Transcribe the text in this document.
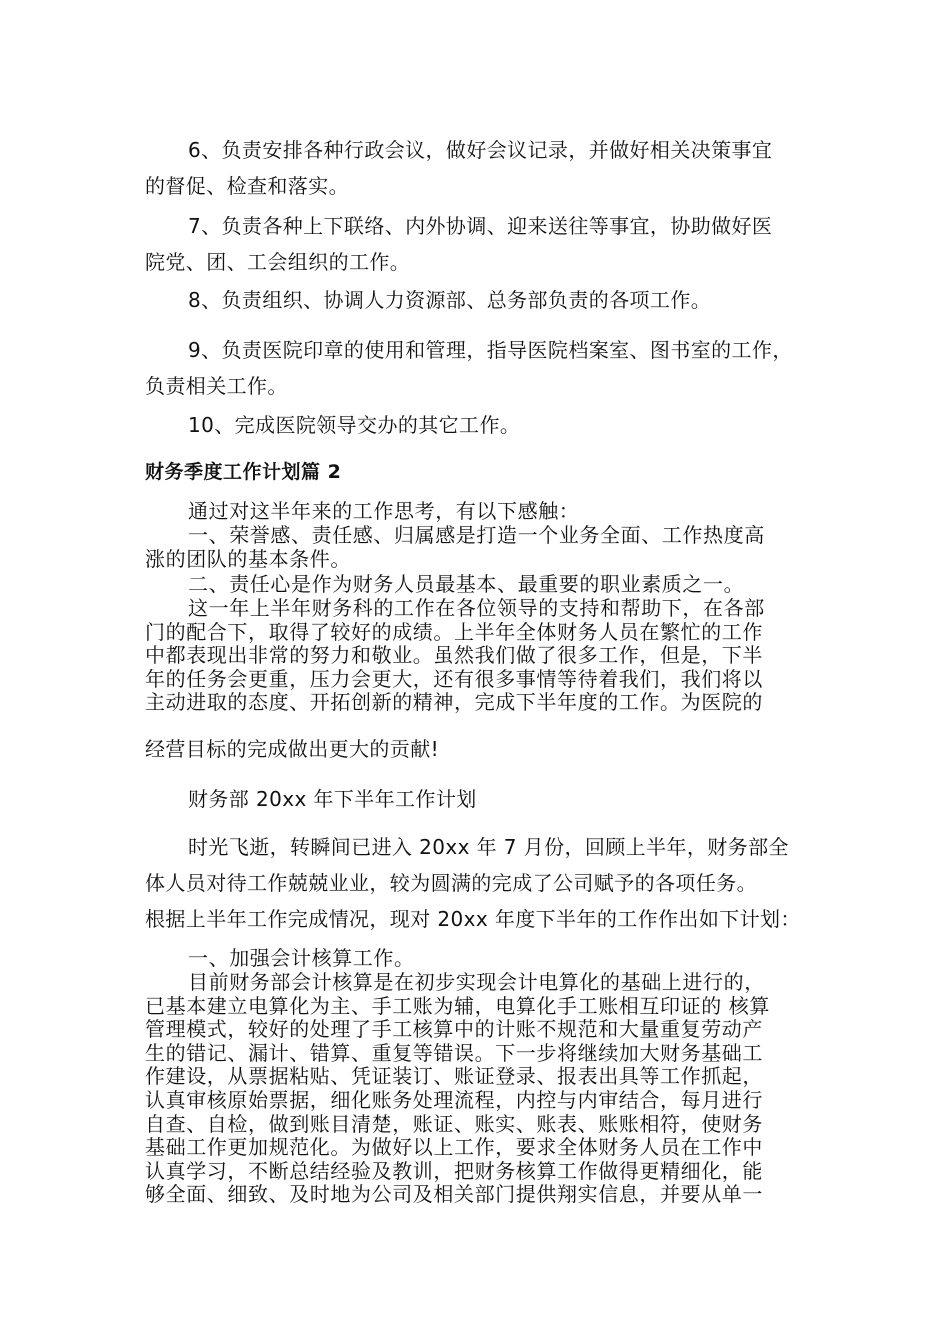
6、负责安排各种行政会议，做好会议记录，并做好相关决策事宜
的督促、检查和落实。
7、负责各种上下联络、内外协调、迎来送往等事宜，协助做好医
院党、团、工会组织的工作。
8、负责组织、协调人力资源部、总务部负责的各项工作。
9、负责医院印章的使用和管理，指导医院档案室、图书室的工作，
负责相关工作。
10、完成医院领导交办的其它工作。
财务季度工作计划篇 2
通过对这半年来的工作思考，有以下感触：
一、荣誉感、责任感、归属感是打造一个业务全面、工作热度高
涨的团队的基本条件。
二、责任心是作为财务人员最基本、最重要的职业素质之一。
这一年上半年财务科的工作在各位领导的支持和帮助下，在各部
门的配合下，取得了较好的成绩。上半年全体财务人员在繁忙的工作
中都表现出非常的努力和敬业。虽然我们做了很多工作，但是，下半
年的任务会更重，压力会更大，还有很多事情等待着我们，我们将以
主动进取的态度、开拓创新的精神，完成下半年度的工作。为医院的
经营目标的完成做出更大的贡献!
财务部 20xx 年下半年工作计划
时光飞逝，转瞬间已进入 20xx 年 7 月份，回顾上半年，财务部全
体人员对待工作兢兢业业，较为圆满的完成了公司赋予的各项任务。
根据上半年工作完成情况，现对 20xx 年度下半年的工作作出如下计划：
一、加强会计核算工作。
目前财务部会计核算是在初步实现会计电算化的基础上进行的，
已基本建立电算化为主、手工账为辅，电算化手工账相互印证的 核算
管理模式，较好的处理了手工核算中的计账不规范和大量重复劳动产
生的错记、漏计、错算、重复等错误。下一步将继续加大财务基础工
作建设，从票据粘贴、凭证装订、账证登录、报表出具等工作抓起，
认真审核原始票据，细化账务处理流程，内控与内审结合，每月进行
自查、自检，做到账目清楚，账证、账实、账表、账账相符，使财务
基础工作更加规范化。为做好以上工作，要求全体财务人员在工作中
认真学习，不断总结经验及教训，把财务核算工作做得更精细化，能
够全面、细致、及时地为公司及相关部门提供翔实信息，并要从单一
